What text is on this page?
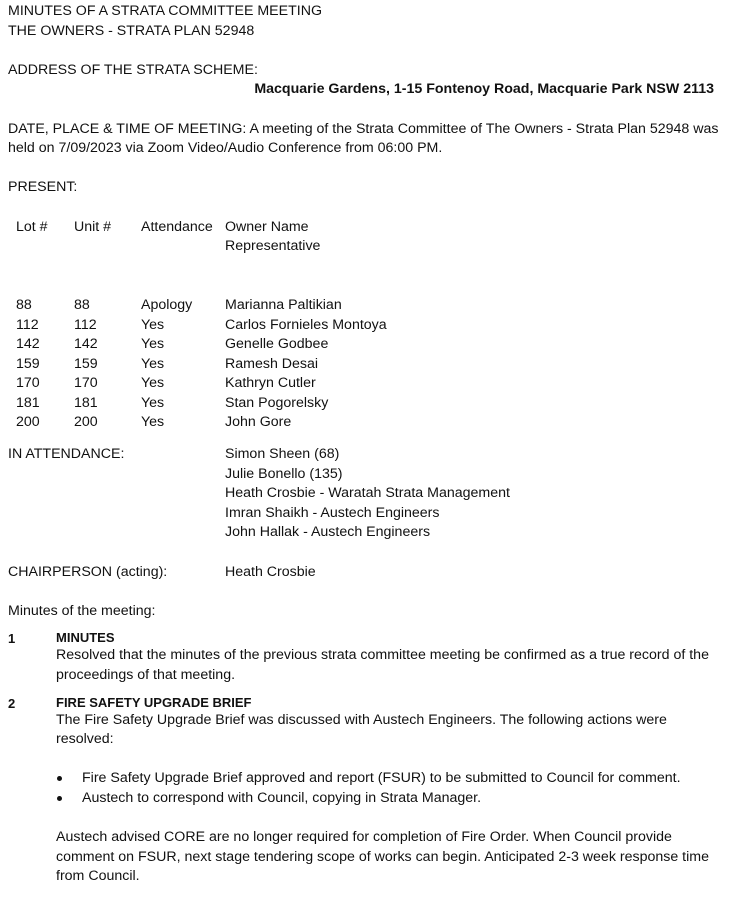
MINUTES OF A STRATA COMMITTEE MEETING
THE OWNERS - STRATA PLAN 52948
ADDRESS OF THE STRATA SCHEME:
Macquarie Gardens, 1-15 Fontenoy Road, Macquarie Park NSW 2113

DATE, PLACE & TIME OF MEETING: A meeting of the Strata Committee of The Owners - Strata Plan 52948 was held on 7/09/2023 via Zoom Video/Audio Conference from 06:00 PM.

PRESENT:
Lot #	Unit #	Attendance Owner Name
Representative
88	88	Apology	Marianna Paltikian
112	112	Yes	Carlos Fornieles Montoya
142	142	Yes	Genelle Godbee
159	159	Yes	Ramesh Desai
170	170	Yes	Kathryn Cutler
181	181	Yes	Stan Pogorelsky
200	200	Yes	John Gore
IN ATTENDANCE:	Simon Sheen (68)
Julie Bonello (135)
Heath Crosbie - Waratah Strata Management
Imran Shaikh - Austech Engineers
John Hallak - Austech Engineers
CHAIRPERSON (acting):	Heath Crosbie
Minutes of the meeting:
1	MINUTES

Resolved that the minutes of the previous strata committee meeting be confirmed as a true record of the proceedings of that meeting.

2	FIRE SAFETY UPGRADE BRIEF

The Fire Safety Upgrade Brief was discussed with Austech Engineers. The following actions were resolved:

Fire Safety Upgrade Brief approved and report (FSUR) to be submitted to Council for comment.
Austech to correspond with Council, copying in Strata Manager.

Austech advised CORE are no longer required for completion of Fire Order. When Council provide comment on FSUR, next stage tendering scope of works can begin. Anticipated 2-3 week response time from Council.
